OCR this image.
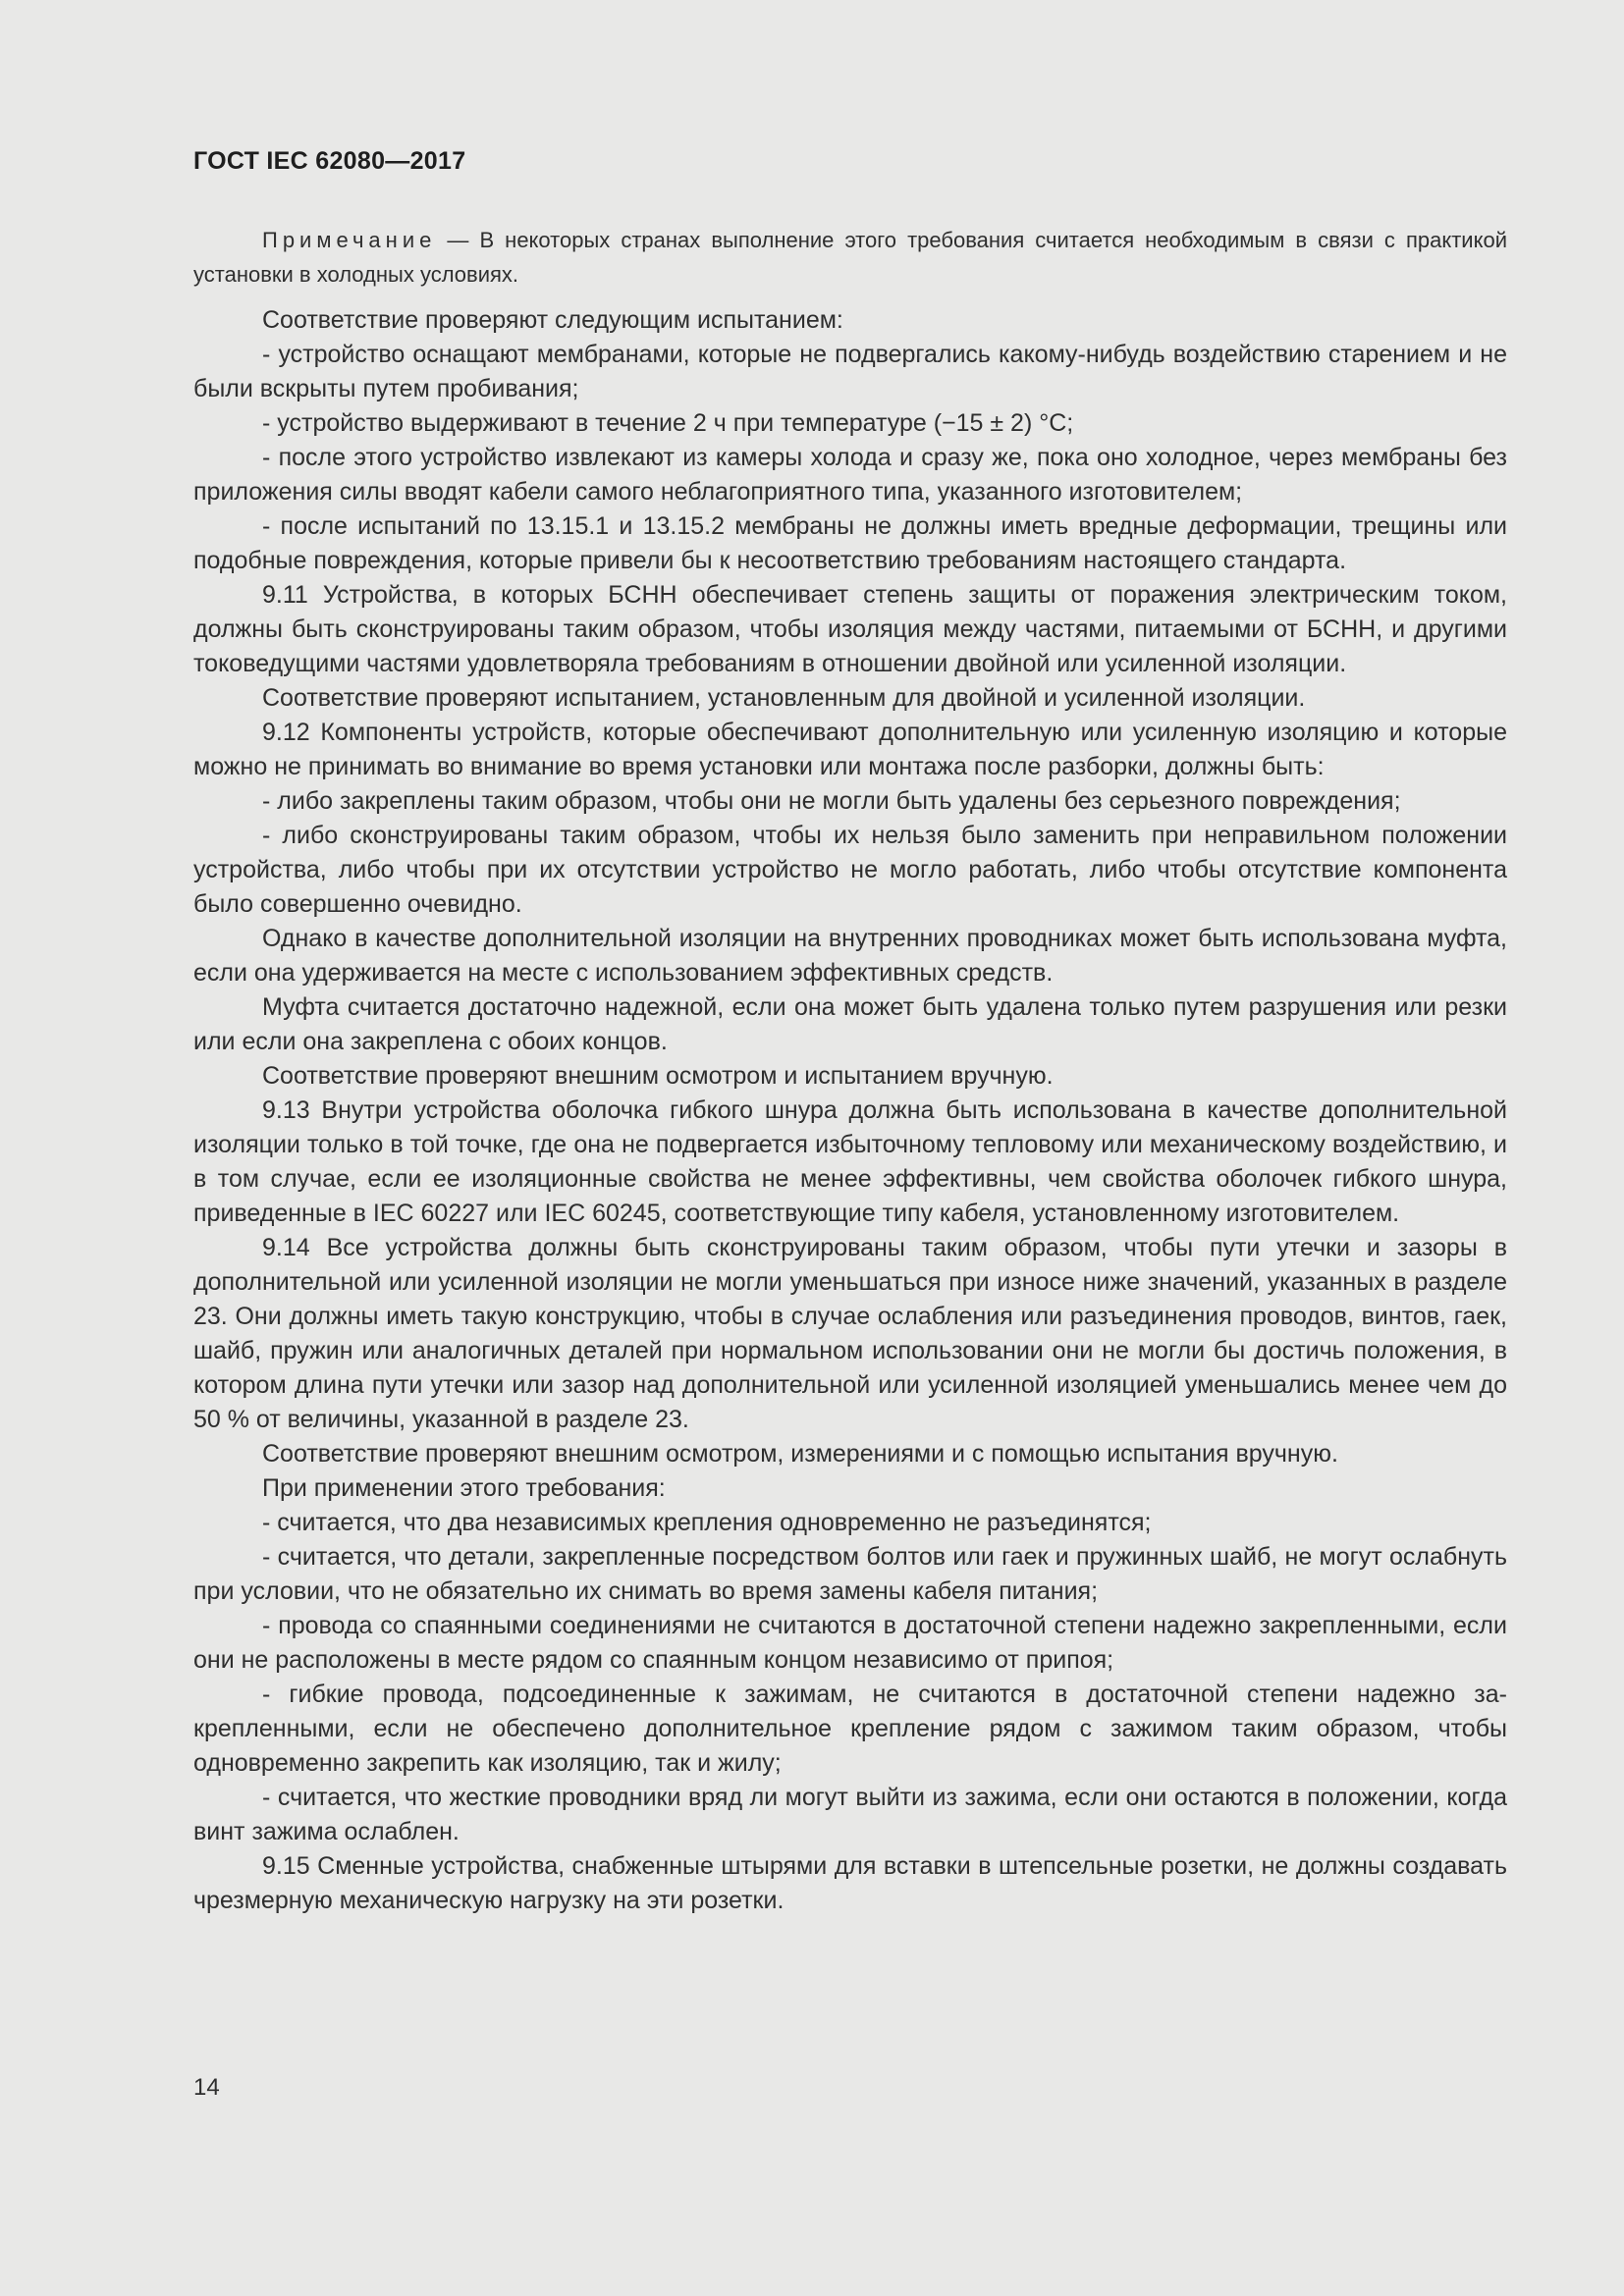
ГОСТ IEC 62080—2017
Примечание — В некоторых странах выполнение этого требования считается необходимым в связи с практикой установки в холодных условиях.

Соответствие проверяют следующим испытанием:

- устройство оснащают мембранами, которые не подвергались какому-нибудь воздействию старением и не были вскрыты путем пробивания;

- устройство выдерживают в течение 2 ч при температуре (−15 ± 2) °С;

- после этого устройство извлекают из камеры холода и сразу же, пока оно холодное, через мембраны без приложения силы вводят кабели самого неблагоприятного типа, указанного изготовителем;

- после испытаний по 13.15.1 и 13.15.2 мембраны не должны иметь вредные деформации, трещины или подобные повреждения, которые привели бы к несоответствию требованиям настоящего стандарта.

9.11 Устройства, в которых БСНН обеспечивает степень защиты от поражения электрическим током, должны быть сконструированы таким образом, чтобы изоляция между частями, питаемыми от БСНН, и другими токоведущими частями удовлетворяла требованиям в отношении двойной или усиленной изоляции.

Соответствие проверяют испытанием, установленным для двойной и усиленной изоляции.

9.12 Компоненты устройств, которые обеспечивают дополнительную или усиленную изоляцию и которые можно не принимать во внимание во время установки или монтажа после разборки, должны быть:

- либо закреплены таким образом, чтобы они не могли быть удалены без серьезного повреждения;

- либо сконструированы таким образом, чтобы их нельзя было заменить при неправильном положении устройства, либо чтобы при их отсутствии устройство не могло работать, либо чтобы отсутствие компонента было совершенно очевидно.

Однако в качестве дополнительной изоляции на внутренних проводниках может быть использована муфта, если она удерживается на месте с использованием эффективных средств.

Муфта считается достаточно надежной, если она может быть удалена только путем разрушения или резки или если она закреплена с обоих концов.

Соответствие проверяют внешним осмотром и испытанием вручную.

9.13 Внутри устройства оболочка гибкого шнура должна быть использована в качестве дополнительной изоляции только в той точке, где она не подвергается избыточному тепловому или механическому воздействию, и в том случае, если ее изоляционные свойства не менее эффективны, чем свойства оболочек гибкого шнура, приведенные в IEC 60227 или IEC 60245, соответствующие типу кабеля, установленному изготовителем.

9.14 Все устройства должны быть сконструированы таким образом, чтобы пути утечки и зазоры в дополнительной или усиленной изоляции не могли уменьшаться при износе ниже значений, указанных в разделе 23. Они должны иметь такую конструкцию, чтобы в случае ослабления или разъединения проводов, винтов, гаек, шайб, пружин или аналогичных деталей при нормальном использовании они не могли бы достичь положения, в котором длина пути утечки или зазор над дополнительной или усиленной изоляцией уменьшались менее чем до 50 % от величины, указанной в разделе 23.

Соответствие проверяют внешним осмотром, измерениями и с помощью испытания вручную.

При применении этого требования:

- считается, что два независимых крепления одновременно не разъединятся;

- считается, что детали, закрепленные посредством болтов или гаек и пружинных шайб, не могут ослабнуть при условии, что не обязательно их снимать во время замены кабеля питания;

- провода со спаянными соединениями не считаются в достаточной степени надежно закрепленными, если они не расположены в месте рядом со спаянным концом независимо от припоя;

- гибкие провода, подсоединенные к зажимам, не считаются в достаточной степени надежно закрепленными, если не обеспечено дополнительное крепление рядом с зажимом таким образом, чтобы одновременно закрепить как изоляцию, так и жилу;

- считается, что жесткие проводники вряд ли могут выйти из зажима, если они остаются в положении, когда винт зажима ослаблен.

9.15 Сменные устройства, снабженные штырями для вставки в штепсельные розетки, не должны создавать чрезмерную механическую нагрузку на эти розетки.

14
